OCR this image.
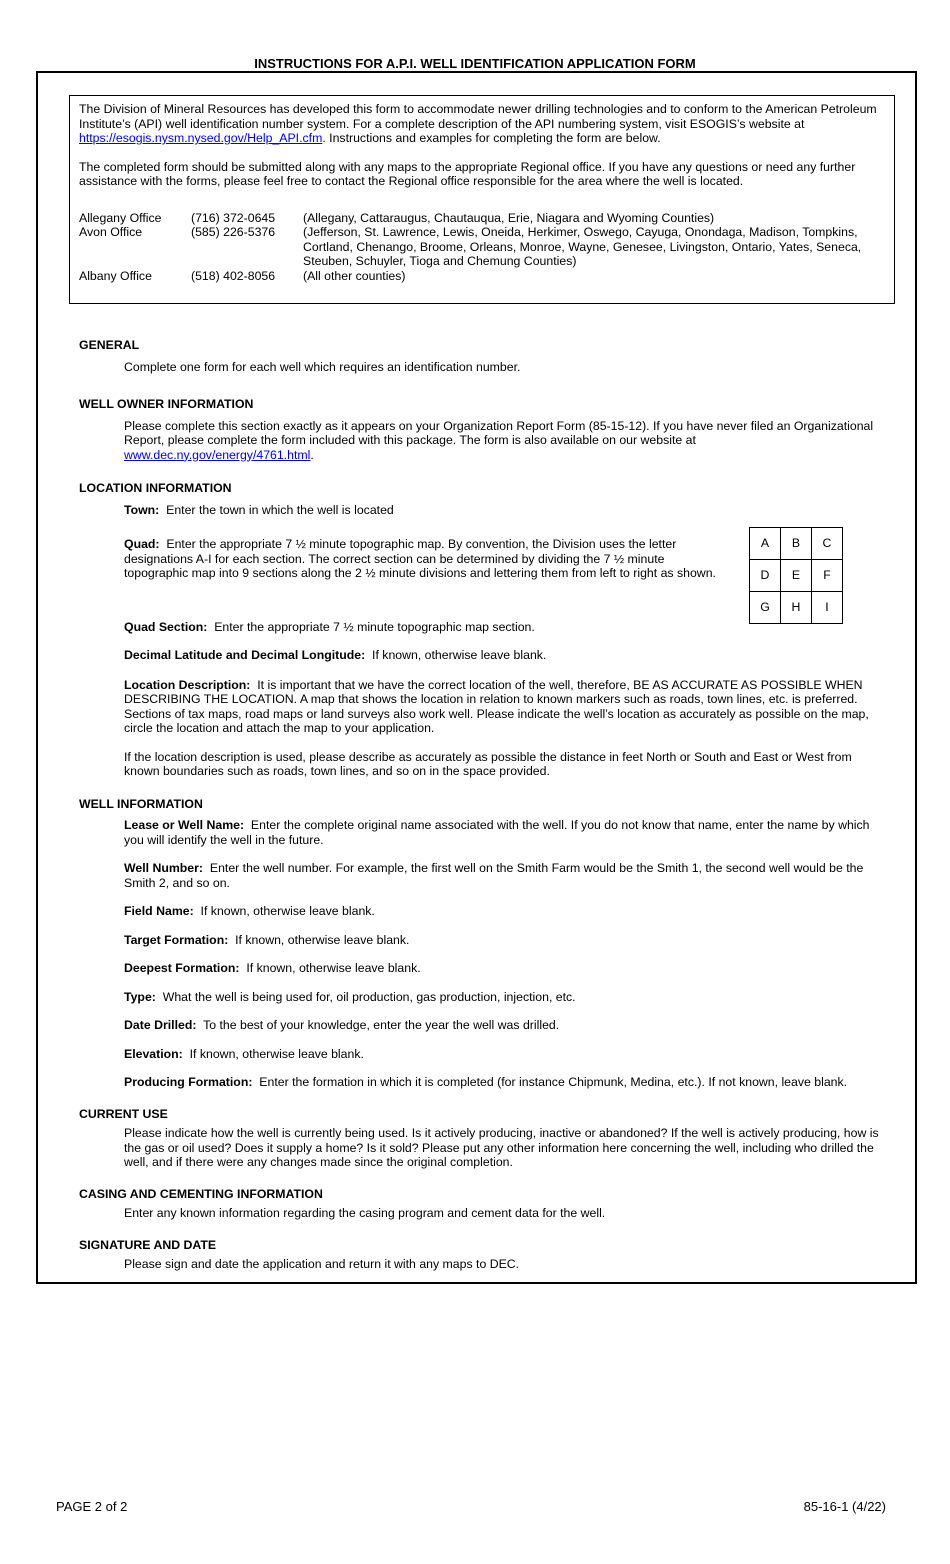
INSTRUCTIONS FOR A.P.I. WELL IDENTIFICATION APPLICATION FORM

The Division of Mineral Resources has developed this form to accommodate newer drilling technologies and to conform to the American Petroleum Institute’s (API) well identification number system. For a complete description of the API numbering system, visit ESOGIS’s website at https://esogis.nysm.nysed.gov/Help_API.cfm. Instructions and examples for completing the form are below.

The completed form should be submitted along with any maps to the appropriate Regional office. If you have any questions or need any further assistance with the forms, please feel free to contact the Regional office responsible for the area where the well is located.

Allegany Office	(716) 372-0645	(Allegany, Cattaraugus, Chautauqua, Erie, Niagara and Wyoming Counties)
Avon Office	(585) 226-5376	(Jefferson, St. Lawrence, Lewis, Oneida, Herkimer, Oswego, Cayuga, Onondaga, Madison, Tompkins, Cortland, Chenango, Broome, Orleans, Monroe, Wayne, Genesee, Livingston, Ontario, Yates, Seneca, Steuben, Schuyler, Tioga and Chemung Counties)
Albany Office	(518) 402-8056	(All other counties)

GENERAL

Complete one form for each well which requires an identification number.

WELL OWNER INFORMATION

Please complete this section exactly as it appears on your Organization Report Form (85-15-12). If you have never filed an Organizational Report, please complete the form included with this package. The form is also available on our website at www.dec.ny.gov/energy/4761.html.

LOCATION INFORMATION

Town: Enter the town in which the well is located

Quad: Enter the appropriate 7 ½ minute topographic map. By convention, the Division uses the letter designations A-I for each section. The correct section can be determined by dividing the 7 ½ minute topographic map into 9 sections along the 2 ½ minute divisions and lettering them from left to right as shown.

Quad Section: Enter the appropriate 7 ½ minute topographic map section.

Decimal Latitude and Decimal Longitude: If known, otherwise leave blank.

Location Description: It is important that we have the correct location of the well, therefore, BE AS ACCURATE AS POSSIBLE WHEN DESCRIBING THE LOCATION. A map that shows the location in relation to known markers such as roads, town lines, etc. is preferred. Sections of tax maps, road maps or land surveys also work well. Please indicate the well’s location as accurately as possible on the map, circle the location and attach the map to your application.

If the location description is used, please describe as accurately as possible the distance in feet North or South and East or West from known boundaries such as roads, town lines, and so on in the space provided.

WELL INFORMATION

Lease or Well Name: Enter the complete original name associated with the well. If you do not know that name, enter the name by which you will identify the well in the future.

Well Number: Enter the well number. For example, the first well on the Smith Farm would be the Smith 1, the second well would be the Smith 2, and so on.

Field Name: If known, otherwise leave blank.

Target Formation: If known, otherwise leave blank.

Deepest Formation: If known, otherwise leave blank.

Type: What the well is being used for, oil production, gas production, injection, etc.

Date Drilled: To the best of your knowledge, enter the year the well was drilled.

Elevation: If known, otherwise leave blank.

Producing Formation: Enter the formation in which it is completed (for instance Chipmunk, Medina, etc.). If not known, leave blank.

CURRENT USE

Please indicate how the well is currently being used. Is it actively producing, inactive or abandoned? If the well is actively producing, how is the gas or oil used? Does it supply a home? Is it sold? Please put any other information here concerning the well, including who drilled the well, and if there were any changes made since the original completion.

CASING AND CEMENTING INFORMATION

Enter any known information regarding the casing program and cement data for the well.

SIGNATURE AND DATE

Please sign and date the application and return it with any maps to DEC.

A	B	C
D	E	F
G	H	I
PAGE 2 of 2	85-16-1 (4/22)
